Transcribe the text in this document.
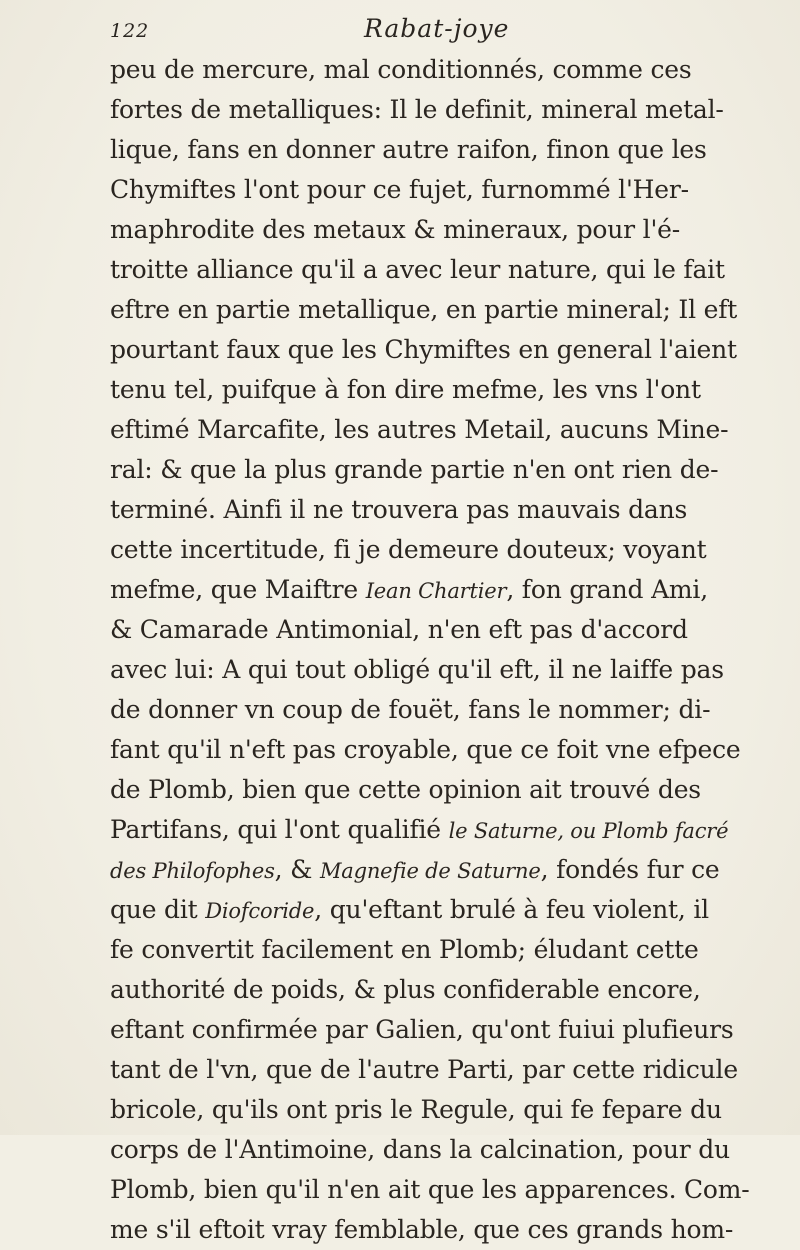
122	Rabat-joye
peu de mercure, mal conditionnés, comme ces
fortes de metalliques: Il le definit, mineral metal-
lique, fans en donner autre raifon, finon que les
Chymiftes l'ont pour ce fujet, furnommé l'Her-
maphrodite des metaux & mineraux, pour l'é-
troitte alliance qu'il a avec leur nature, qui le fait
eftre en partie metallique, en partie mineral; Il eft
pourtant faux que les Chymiftes en general l'aient
tenu tel, puifque à fon dire mefme, les vns l'ont
eftimé Marcafite, les autres Metail, aucuns Mine-
ral: & que la plus grande partie n'en ont rien de-
terminé. Ainfi il ne trouvera pas mauvais dans
cette incertitude, fi je demeure douteux; voyant
mefme, que Maiftre Iean Chartier, fon grand Ami,
& Camarade Antimonial, n'en eft pas d'accord
avec lui: A qui tout obligé qu'il eft, il ne laiffe pas
de donner vn coup de fouët, fans le nommer; di-
fant qu'il n'eft pas croyable, que ce foit vne efpece
de Plomb, bien que cette opinion ait trouvé des
Partifans, qui l'ont qualifié le Saturne, ou Plomb facré
des Philofophes, & Magnefie de Saturne, fondés fur ce
que dit Diofcoride, qu'eftant brulé à feu violent, il
fe convertit facilement en Plomb; éludant cette
authorité de poids, & plus confiderable encore,
eftant confirmée par Galien, qu'ont fuiui plufieurs
tant de l'vn, que de l'autre Parti, par cette ridicule
bricole, qu'ils ont pris le Regule, qui fe fepare du
corps de l'Antimoine, dans la calcination, pour du
Plomb, bien qu'il n'en ait que les apparences. Com-
me s'il eftoit vray femblable, que ces grands hom-
